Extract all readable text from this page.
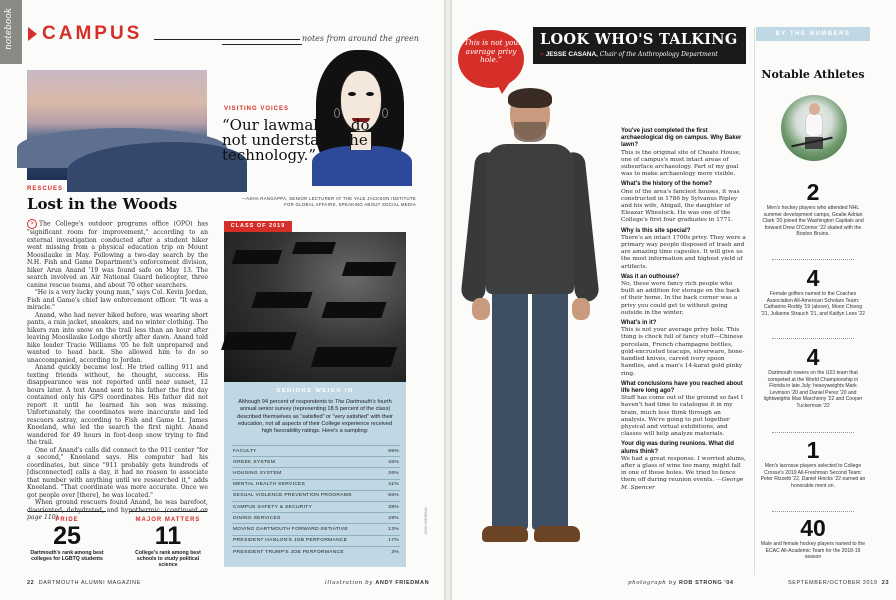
notebook CAMPUS	notes from around the green
RESCUES
Lost in the Woods

> The College's outdoor programs office (OPO) has "significant room for improvement," according to an external investigation conducted after a student hiker went missing from a physical education trip on Mount Moosilauke in May. Following a two-day search by the N.H. Fish and Game Department's enforcement division, hiker Arun Anand '19 was found safe on May 13. The search involved an Air National Guard helicopter, three canine rescue teams, and about 70 other searchers.

"He is a very lucky young man," says Col. Kevin Jordan, Fish and Game's chief law enforcement officer. "It was a miracle."

Anand, who had never hiked before, was wearing short pants, a rain jacket, sneakers, and no winter clothing. The hikers ran into snow on the trail less than an hour after leaving Moosilauke Lodge shortly after dawn. Anand told hike leader Tracie Williams '05 he felt unprepared and wanted to head back. She allowed him to do so unaccompanied, according to Jordan.

Anand quickly became lost. He tried calling 911 and texting friends without, he thought, success. His disappearance was not reported until near sunset, 12 hours later. A text Anand sent to his father the first day contained only his GPS coordinates. His father did not report it until he learned his son was missing. Unfortunately, the coordinates were inaccurate and led rescuers astray, according to Fish and Game Lt. James Kneeland, who led the search the first night. Anand wandered for 49 hours in foot-deep snow trying to find the trail.

One of Anand's calls did connect to the 911 center "for a second," Kneeland says. His computer had his coordinates, but since "911 probably gets hundreds of [disconnected] calls a day, it had no reason to associate that number with anything until we researched it," adds Kneeland. "That coordinate was more accurate. Once we got people over [there], he was located."

When ground rescuers found Anand, he was barefoot, disoriented, dehydrated, and hypothermic. (continued on page 110)

PRIDE
25
Dartmouth's rank among best colleges for LGBTQ students
MAJOR MATTERS
11
College's rank among best schools to study political science
22 DARTMOUTH ALUMNI MAGAZINE	illustration by ANDY FRIEDMAN
VISITING VOICES
“Our lawmakers do not understand the technology.”
—ASHA RANGAPPA, SENIOR LECTURER AT THE YALE JACKSON INSTITUTE FOR GLOBAL AFFAIRS, SPEAKING ABOUT SOCIAL MEDIA
CLASS OF 2019
SENIORS WEIGH IN
Although 94 percent of respondents to The Dartmouth's fourth annual senior survey (representing 18.5 percent of the class) described themselves as “satisfied” or “very satisfied” with their education, not all aspects of their College experience received high favorability ratings. Here's a sampling:
FACULTY	85%
GREEK SYSTEM	46%
HOUSING SYSTEM	26%
MENTAL HEALTH SERVICES	41%
SEXUAL VIOLENCE PREVENTION PROGRAMS	66%
CAMPUS SAFETY & SECURITY	38%
DINING SERVICES	29%
MOVING DARTMOUTH FORWARD INITIATIVE	13%
PRESIDENT HANLON'S JOB PERFORMANCE	17%
PRESIDENT TRUMP'S JOB PERFORMANCE	3%
“This is not your average privy hole.”
LOOK WHO'S TALKING
> JESSE CASANA, Chair of the Anthropology Department
JOHN SHERMAN
You've just completed the first archaeological dig on campus. Why Baker lawn?
This is the original site of Choate House, one of campus's most intact areas of subsurface archaeology. Part of my goal was to make archaeology more visible.
What's the history of the home?
One of the area's fanciest houses, it was constructed in 1786 by Sylvanus Ripley and his wife, Abigail, the daughter of Eleazar Wheelock. He was one of the College's first four graduates in 1771.
Why is this site special?
There's an intact 1700s privy. They were a primary way people disposed of trash and are amazing time capsules. It will give us the most information and highest yield of artifacts.
Was it an outhouse?
No, these were fancy rich people who built an addition for storage on the back of their home. In the back corner was a privy you could get to without going outside in the winter.
What's in it?
This is not your average privy hole. This thing is chock full of fancy stuff—Chinese porcelain, French champagne bottles, gold-encrusted teacups, silverware, bone-handled knives, carved ivory spoon handles, and a man's 14-karat gold pinky ring.
What conclusions have you reached about life here long ago?
Stuff has come out of the ground so fast I haven't had time to catalogue it in my brain, much less think through an analysis. We're going to put together physical and virtual exhibitions, and classes will help analyze materials.
Your dig was during reunions. What did alums think?
We had a great response. I worried alums, after a glass of wine too many, might fall in one of these holes. We tried to fence them off during reunion events. —George M. Spencer
BY THE NUMBERS
Notable Athletes
2
Men's hockey players who attended NHL summer development camps, Goalie Adrian Clark '20 joined the Washington Capitals and forward Drew O'Connor '22 skated with the Boston Bruins.
4
Female golfers named to the Coaches Association All-American Scholars Team: Catharine Roddy '19 (above), Moon Chiong '21, Julianne Strauch '21, and Kaitlyn Lees '22
4
Dartmouth rowers on the U23 team that competed at the World Championship in Florida in late July: heavyweights Mark Levinson '20 and Daniel Perez '20 and lightweights Max Marchiony '22 and Cooper Tuckerman '22
1
Men's lacrosse players selected to College Crosse's 2019 All-Freshman Second Team: Peter Rizzetti '22. Daniel Hincks '22 earned an honorable ment on.
40
Male and female hockey players named to the ECAC All-Academic Team for the 2018-19 season
photograph by ROB STRONG '04	SEPTEMBER/OCTOBER 2019 23
